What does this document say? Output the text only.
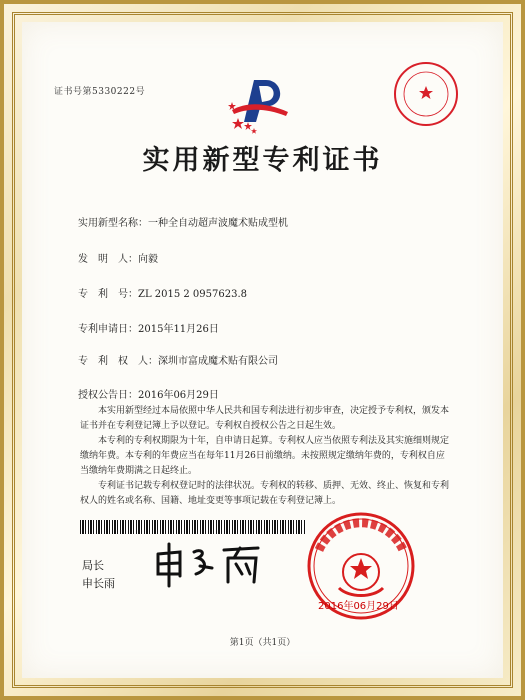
证书号第5330222号
实用新型专利证书
实用新型名称：一种全自动超声波魔术贴成型机
发　明　人：向毅
专　利　号：ZL 2015 2 0957623.8
专利申请日：2015年11月26日
专　利　权　人：深圳市富成魔术贴有限公司
授权公告日：2016年06月29日

本实用新型经过本局依照中华人民共和国专利法进行初步审查，决定授予专利权，颁发本证书并在专利登记簿上予以登记。专利权自授权公告之日起生效。

本专利的专利权期限为十年，自申请日起算。专利权人应当依照专利法及其实施细则规定缴纳年费。本专利的年费应当在每年11月26日前缴纳。未按照规定缴纳年费的，专利权自应当缴纳年费期满之日起终止。

专利证书记载专利权登记时的法律状况。专利权的转移、质押、无效、终止、恢复和专利权人的姓名或名称、国籍、地址变更等事项记载在专利登记簿上。

局长
申长雨
2016年06月29日
第1页（共1页）
